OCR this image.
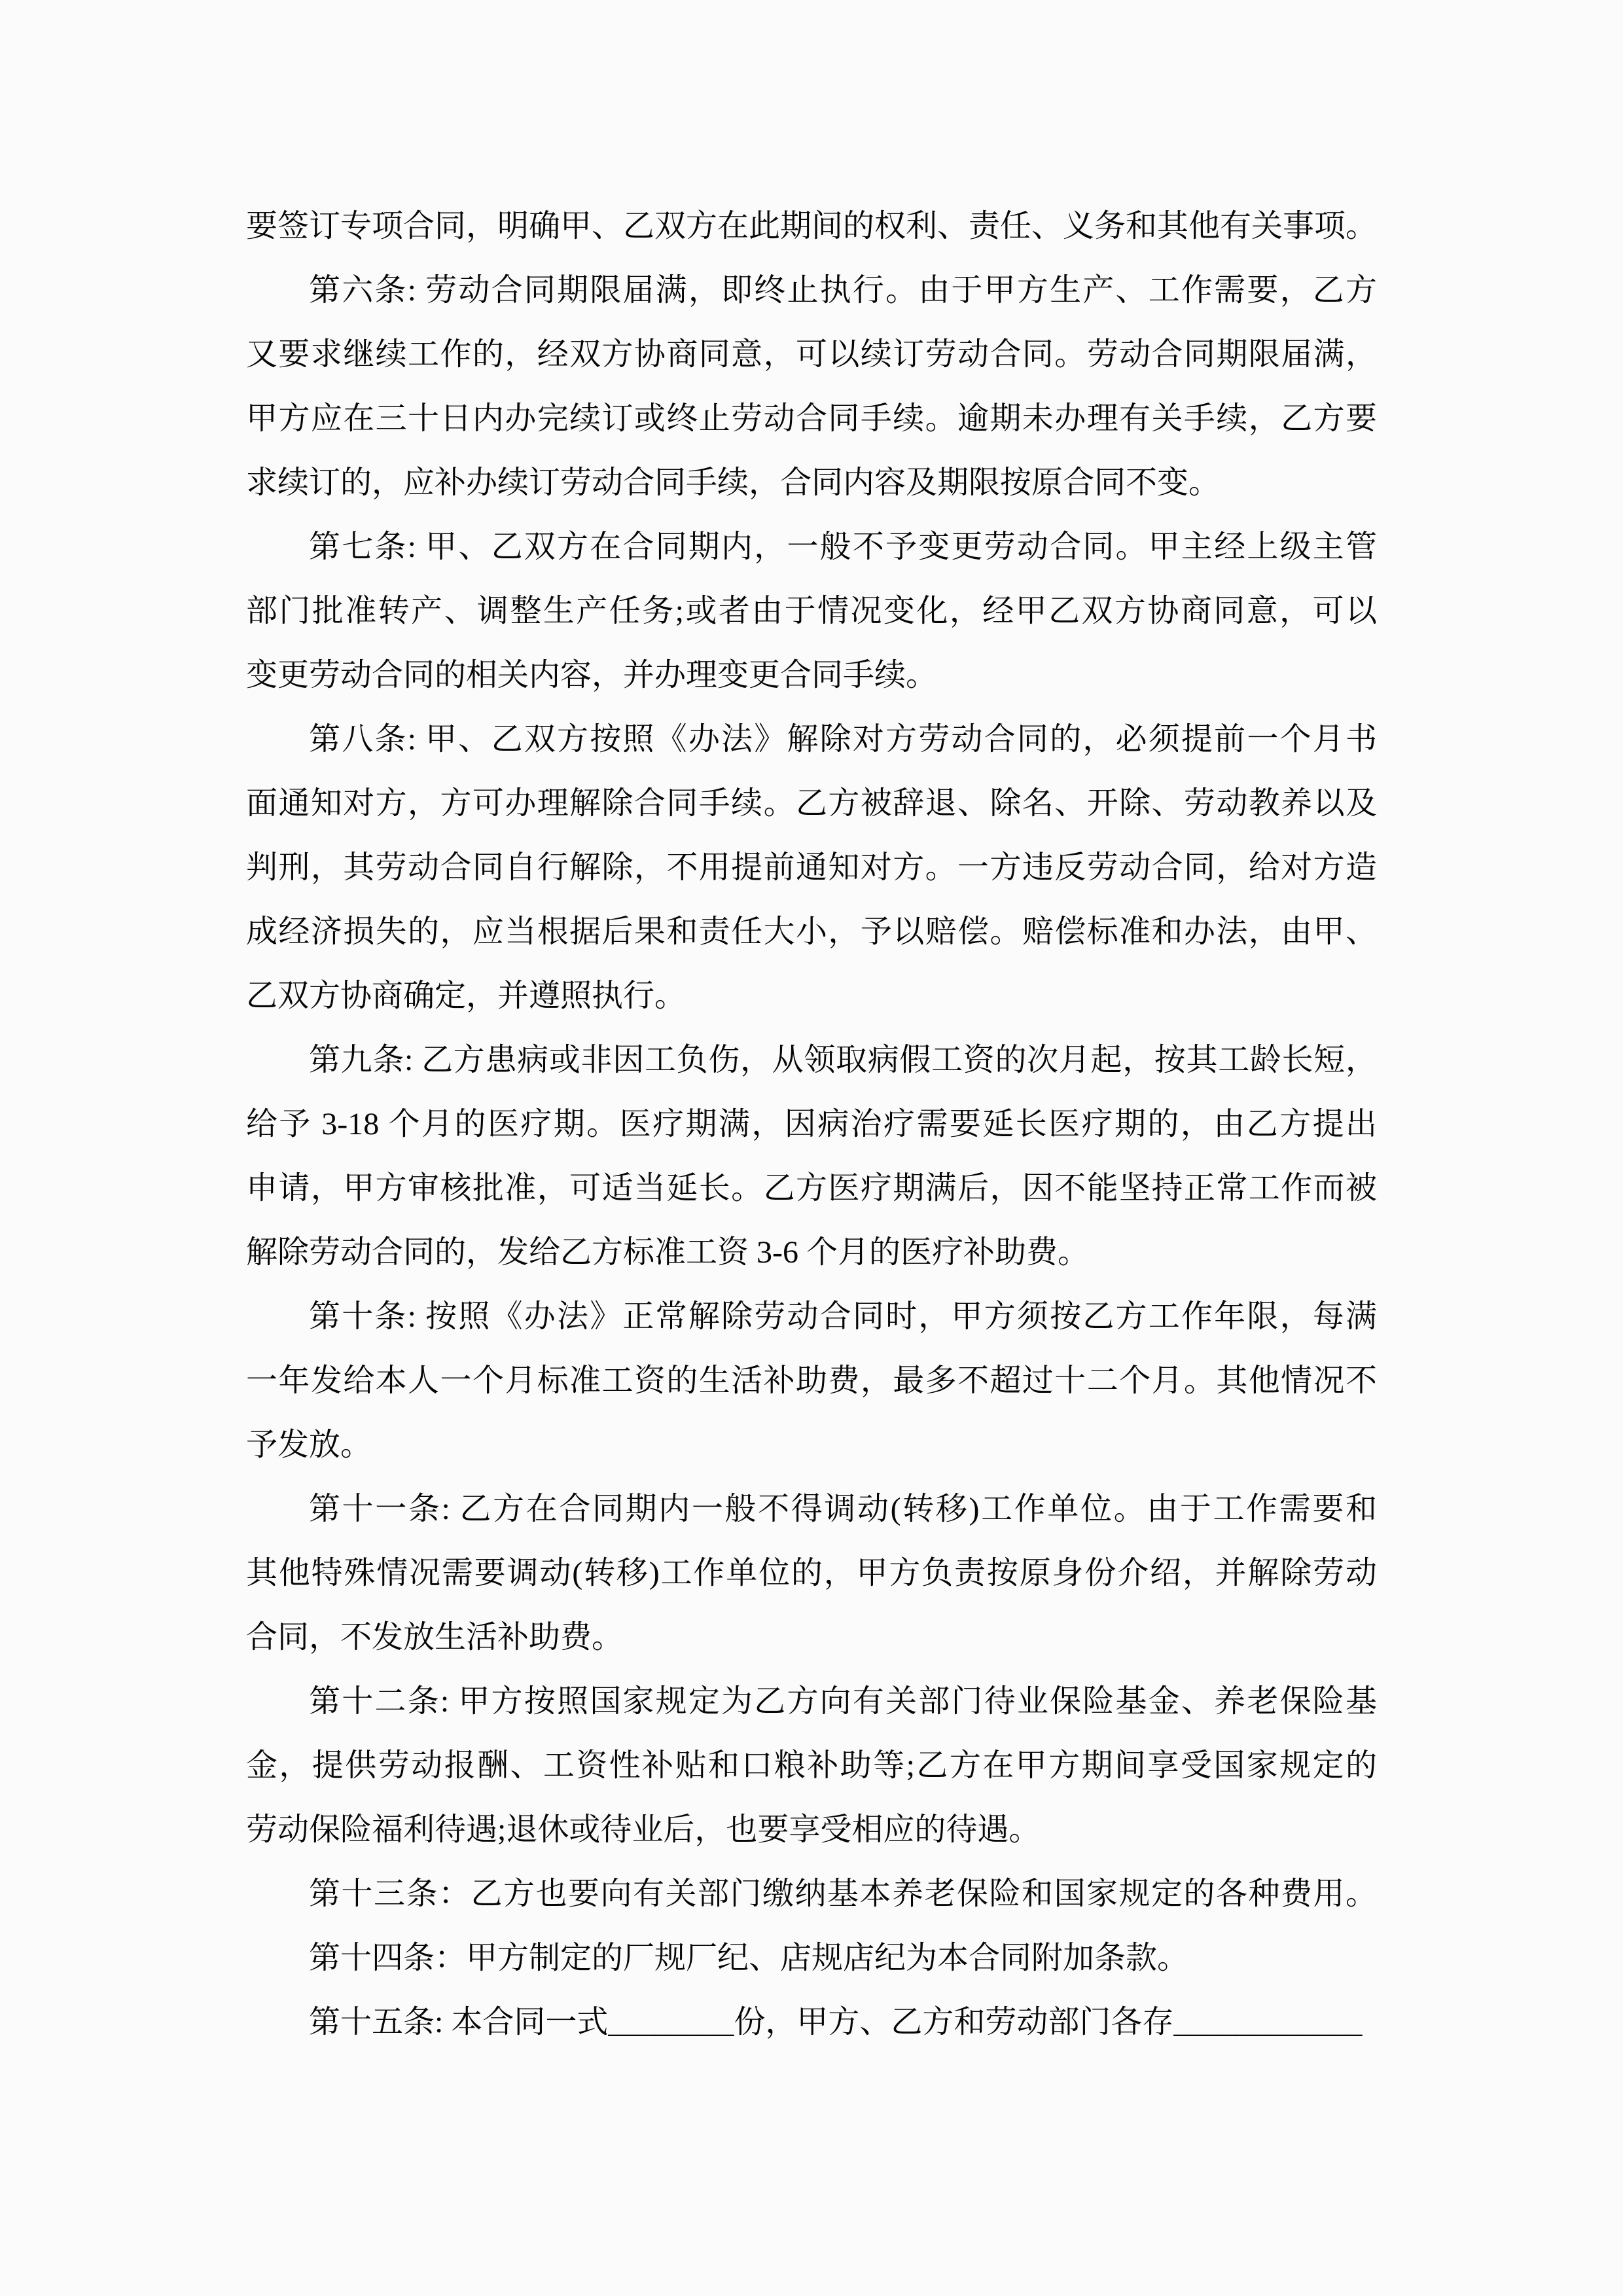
要签订专项合同，明确甲、乙双方在此期间的权利、责任、义务和其他有关事项。
第六条: 劳动合同期限届满，即终止执行。由于甲方生产、工作需要，乙方
又要求继续工作的，经双方协商同意，可以续订劳动合同。劳动合同期限届满，
甲方应在三十日内办完续订或终止劳动合同手续。逾期未办理有关手续，乙方要
求续订的，应补办续订劳动合同手续，合同内容及期限按原合同不变。
第七条: 甲、乙双方在合同期内，一般不予变更劳动合同。甲主经上级主管
部门批准转产、调整生产任务;或者由于情况变化，经甲乙双方协商同意，可以
变更劳动合同的相关内容，并办理变更合同手续。
第八条: 甲、乙双方按照《办法》解除对方劳动合同的，必须提前一个月书
面通知对方，方可办理解除合同手续。乙方被辞退、除名、开除、劳动教养以及
判刑，其劳动合同自行解除，不用提前通知对方。一方违反劳动合同，给对方造
成经济损失的，应当根据后果和责任大小，予以赔偿。赔偿标准和办法，由甲、
乙双方协商确定，并遵照执行。
第九条: 乙方患病或非因工负伤，从领取病假工资的次月起，按其工龄长短，
给予 3-18 个月的医疗期。医疗期满，因病治疗需要延长医疗期的，由乙方提出
申请，甲方审核批准，可适当延长。乙方医疗期满后，因不能坚持正常工作而被
解除劳动合同的，发给乙方标准工资 3-6 个月的医疗补助费。
第十条: 按照《办法》正常解除劳动合同时，甲方须按乙方工作年限，每满
一年发给本人一个月标准工资的生活补助费，最多不超过十二个月。其他情况不
予发放。
第十一条: 乙方在合同期内一般不得调动(转移)工作单位。由于工作需要和
其他特殊情况需要调动(转移)工作单位的，甲方负责按原身份介绍，并解除劳动
合同，不发放生活补助费。
第十二条: 甲方按照国家规定为乙方向有关部门待业保险基金、养老保险基
金，提供劳动报酬、工资性补贴和口粮补助等;乙方在甲方期间享受国家规定的
劳动保险福利待遇;退休或待业后，也要享受相应的待遇。
第十三条：乙方也要向有关部门缴纳基本养老保险和国家规定的各种费用。
第十四条：甲方制定的厂规厂纪、店规店纪为本合同附加条款。
第十五条: 本合同一式________份，甲方、乙方和劳动部门各存____________
